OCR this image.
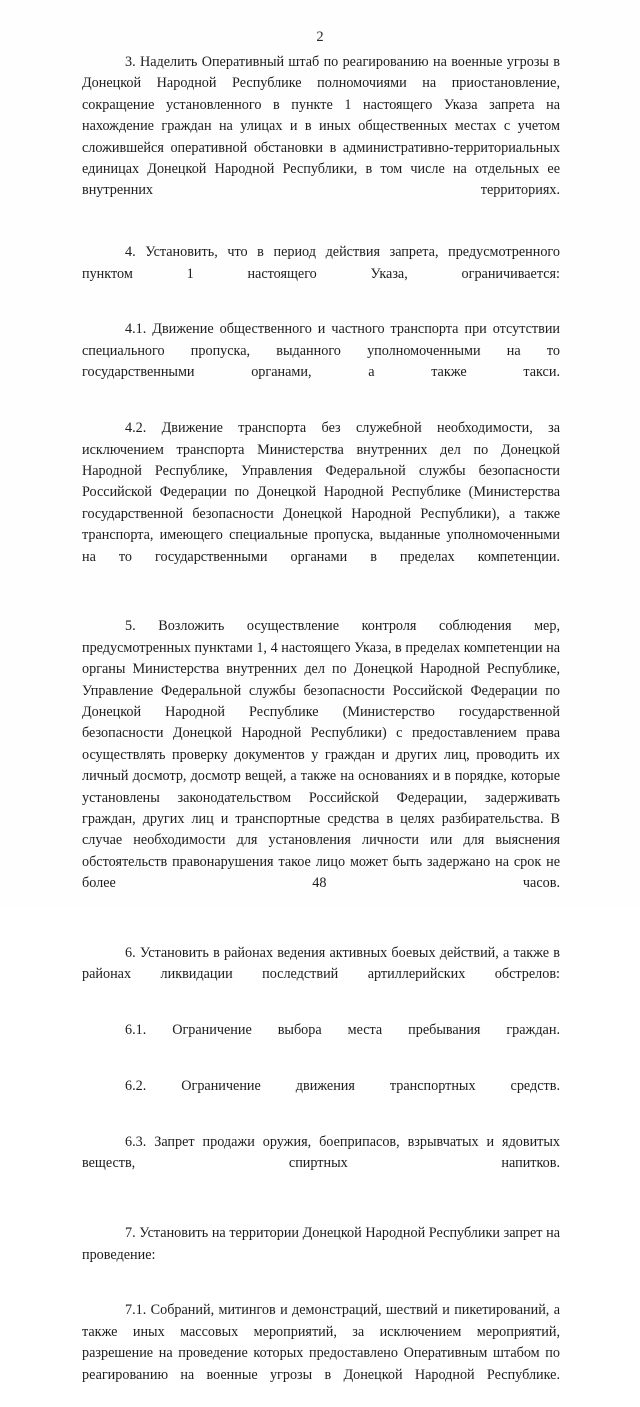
2

3. Наделить Оперативный штаб по реагированию на военные угрозы в Донецкой Народной Республике полномочиями на приостановление, сокращение установленного в пункте 1 настоящего Указа запрета на нахождение граждан на улицах и в иных общественных местах с учетом сложившейся оперативной обстановки в административно-территориальных единицах Донецкой Народной Республики, в том числе на отдельных ее внутренних территориях.

4. Установить, что в период действия запрета, предусмотренного пунктом 1 настоящего Указа, ограничивается:

4.1. Движение общественного и частного транспорта при отсутствии специального пропуска, выданного уполномоченными на то государственными органами, а также такси.

4.2. Движение транспорта без служебной необходимости, за исключением транспорта Министерства внутренних дел по Донецкой Народной Республике, Управления Федеральной службы безопасности Российской Федерации по Донецкой Народной Республике (Министерства государственной безопасности Донецкой Народной Республики), а также транспорта, имеющего специальные пропуска, выданные уполномоченными на то государственными органами в пределах компетенции.

5. Возложить осуществление контроля соблюдения мер, предусмотренных пунктами 1, 4 настоящего Указа, в пределах компетенции на органы Министерства внутренних дел по Донецкой Народной Республике, Управление Федеральной службы безопасности Российской Федерации по Донецкой Народной Республике (Министерство государственной безопасности Донецкой Народной Республики) с предоставлением права осуществлять проверку документов у граждан и других лиц, проводить их личный досмотр, досмотр вещей, а также на основаниях и в порядке, которые установлены законодательством Российской Федерации, задерживать граждан, других лиц и транспортные средства в целях разбирательства. В случае необходимости для установления личности или для выяснения обстоятельств правонарушения такое лицо может быть задержано на срок не более 48 часов.

6. Установить в районах ведения активных боевых действий, а также в районах ликвидации последствий артиллерийских обстрелов:

6.1. Ограничение выбора места пребывания граждан.

6.2. Ограничение движения транспортных средств.

6.3. Запрет продажи оружия, боеприпасов, взрывчатых и ядовитых веществ, спиртных напитков.

7. Установить на территории Донецкой Народной Республики запрет на проведение:

7.1. Собраний, митингов и демонстраций, шествий и пикетирований, а также иных массовых мероприятий, за исключением мероприятий, разрешение на проведение которых предоставлено Оперативным штабом по реагированию на военные угрозы в Донецкой Народной Республике.
